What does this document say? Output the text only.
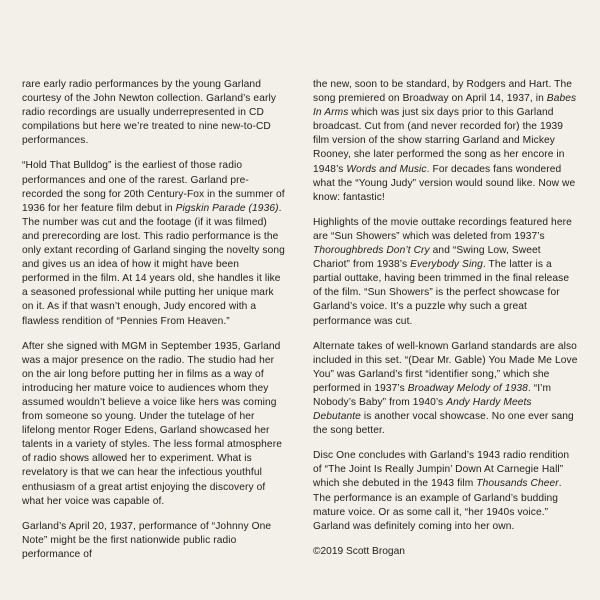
rare early radio performances by the young Garland courtesy of the John Newton collection. Garland’s early radio recordings are usually underrepresented in CD compilations but here we’re treated to nine new-to-CD performances.

“Hold That Bulldog” is the earliest of those radio performances and one of the rarest. Garland pre-recorded the song for 20th Century-Fox in the summer of 1936 for her feature film debut in Pigskin Parade (1936). The number was cut and the footage (if it was filmed) and prerecording are lost. This radio performance is the only extant recording of Garland singing the novelty song and gives us an idea of how it might have been performed in the film. At 14 years old, she handles it like a seasoned professional while putting her unique mark on it. As if that wasn’t enough, Judy encored with a flawless rendition of “Pennies From Heaven.”

After she signed with MGM in September 1935, Garland was a major presence on the radio. The studio had her on the air long before putting her in films as a way of introducing her mature voice to audiences whom they assumed wouldn’t believe a voice like hers was coming from someone so young. Under the tutelage of her lifelong mentor Roger Edens, Garland showcased her talents in a variety of styles. The less formal atmosphere of radio shows allowed her to experiment. What is revelatory is that we can hear the infectious youthful enthusiasm of a great artist enjoying the discovery of what her voice was capable of.

Garland’s April 20, 1937, performance of “Johnny One Note” might be the first nationwide public radio performance of

the new, soon to be standard, by Rodgers and Hart. The song premiered on Broadway on April 14, 1937, in Babes In Arms which was just six days prior to this Garland broadcast. Cut from (and never recorded for) the 1939 film version of the show starring Garland and Mickey Rooney, she later performed the song as her encore in 1948’s Words and Music. For decades fans wondered what the “Young Judy” version would sound like. Now we know: fantastic!

Highlights of the movie outtake recordings featured here are “Sun Showers” which was deleted from 1937’s Thoroughbreds Don’t Cry and “Swing Low, Sweet Chariot” from 1938’s Everybody Sing. The latter is a partial outtake, having been trimmed in the final release of the film. “Sun Showers” is the perfect showcase for Garland’s voice. It’s a puzzle why such a great performance was cut.

Alternate takes of well-known Garland standards are also included in this set. “(Dear Mr. Gable) You Made Me Love You” was Garland’s first “identifier song,” which she performed in 1937’s Broadway Melody of 1938. “I’m Nobody’s Baby” from 1940’s Andy Hardy Meets Debutante is another vocal showcase. No one ever sang the song better.

Disc One concludes with Garland’s 1943 radio rendition of “The Joint Is Really Jumpin’ Down At Carnegie Hall” which she debuted in the 1943 film Thousands Cheer. The performance is an example of Garland’s budding mature voice. Or as some call it, “her 1940s voice.” Garland was definitely coming into her own.

©2019 Scott Brogan
